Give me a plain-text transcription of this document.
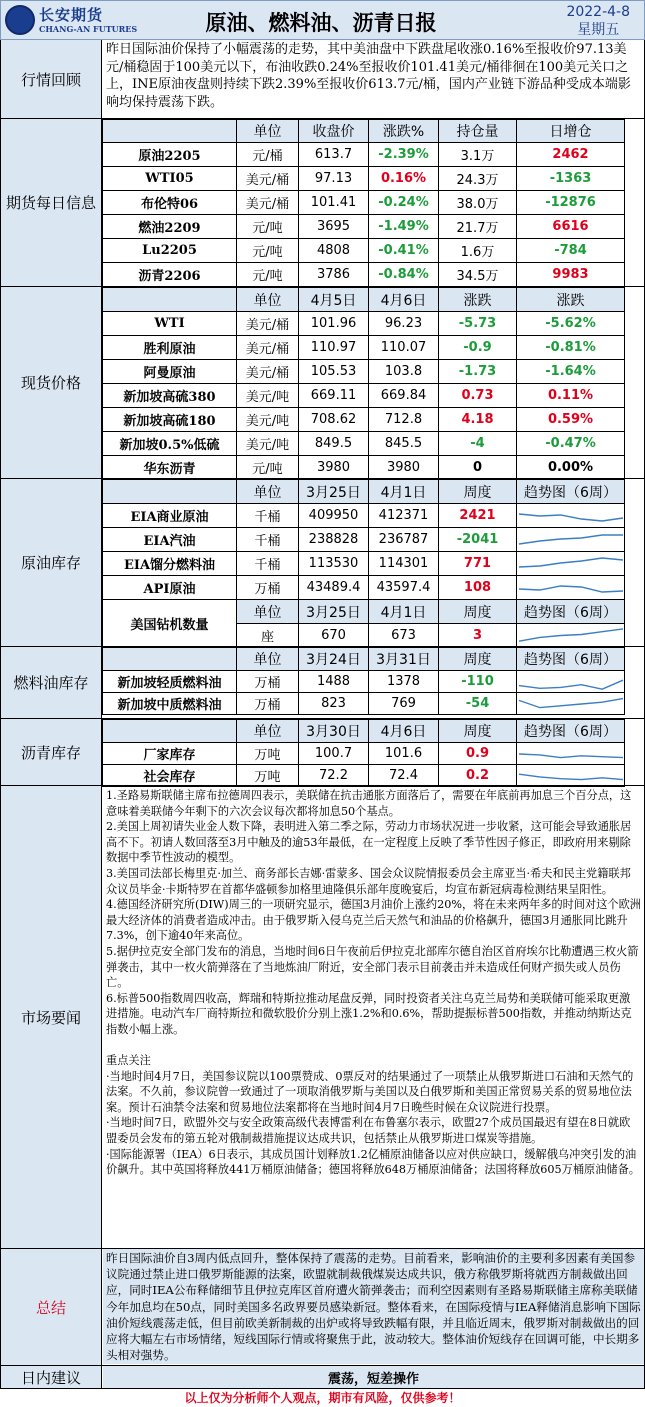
长安期货
CHANG-AN FUTURES	原油、燃料油、沥青日报	2022-4-8
星期五
行情回顾
昨日国际油价保持了小幅震荡的走势，其中美油盘中下跌盘尾收涨0.16%至报收价97.13美元/桶稳固于100美元以下，布油收跌0.24%至报收价101.41美元/桶徘徊在100美元关口之上，INE原油夜盘则持续下跌2.39%至报收价613.7元/桶，国内产业链下游品种受成本端影响均保持震荡下跌。
期货每日信息
	单位	收盘价	涨跌%	持仓量	日增仓
原油2205	元/桶	613.7	-2.39%	3.1万	2462
WTI05	美元/桶	97.13	0.16%	24.3万	-1363
布伦特06	美元/桶	101.41	-0.24%	38.0万	-12876
燃油2209	元/吨	3695	-1.49%	21.7万	6616
Lu2205	元/吨	4808	-0.41%	1.6万	-784
沥青2206	元/吨	3786	-0.84%	34.5万	9983
现货价格
	单位	4月5日	4月6日	涨跌	涨跌
WTI	美元/桶	101.96	96.23	-5.73	-5.62%
胜利原油	美元/桶	110.97	110.07	-0.9	-0.81%
阿曼原油	美元/桶	105.53	103.8	-1.73	-1.64%
新加坡高硫380	美元/吨	669.11	669.84	0.73	0.11%
新加坡高硫180	美元/吨	708.62	712.8	4.18	0.59%
新加坡0.5%低硫	美元/吨	849.5	845.5	-4	-0.47%
华东沥青	元/吨	3980	3980	0	0.00%
原油库存
	单位	3月25日	4月1日	周度	趋势图（6周）
EIA商业原油	千桶	409950	412371	2421	

EIA汽油	千桶	238828	236787	-2041	

EIA馏分燃料油	千桶	113530	114301	771	

API原油	万桶	43489.4	43597.4	108	

美国钻机数量	单位	3月25日	4月1日	周度	趋势图（6周）
	座	670	673	3	
燃料油库存
	单位	3月24日	3月31日	周度	趋势图（6周）
新加坡轻质燃料油	万桶	1488	1378	-110	

新加坡中质燃料油	万桶	823	769	-54	
沥青库存
	单位	3月30日	4月6日	周度	趋势图（6周）
厂家库存	万吨	100.7	101.6	0.9	

社会库存	万吨	72.2	72.4	0.2	
市场要闻

1.圣路易斯联储主席布拉德周四表示，美联储在抗击通胀方面落后了，需要在年底前再加息三个百分点，这意味着美联储今年剩下的六次会议每次都将加息50个基点。

2.美国上周初请失业金人数下降，表明进入第二季之际，劳动力市场状况进一步收紧，这可能会导致通胀居高不下。初请人数回落至3月中触及的逾53年最低，在一定程度上反映了季节性因子修正，即政府用来剔除数据中季节性波动的模型。

3.美国司法部长梅里克·加兰、商务部长吉娜·雷蒙多、国会众议院情报委员会主席亚当·希夫和民主党籍联邦众议员毕金·卡斯特罗在首都华盛顿参加格里迪隆俱乐部年度晚宴后，均宣布新冠病毒检测结果呈阳性。

4.德国经济研究所(DIW)周三的一项研究显示，德国3月油价上涨约20%，将在未来两年多的时间对这个欧洲最大经济体的消费者造成冲击。由于俄罗斯入侵乌克兰后天然气和油品的价格飙升，德国3月通胀同比跳升7.3%，创下逾40年来高位。

5.据伊拉克安全部门发布的消息，当地时间6日午夜前后伊拉克北部库尔德自治区首府埃尔比勒遭遇三枚火箭弹袭击，其中一枚火箭弹落在了当地炼油厂附近，安全部门表示目前袭击并未造成任何财产损失或人员伤亡。

6.标普500指数周四收高，辉瑞和特斯拉推动尾盘反弹，同时投资者关注乌克兰局势和美联储可能采取更激进措施。电动汽车厂商特斯拉和微软股价分别上涨1.2%和0.6%，帮助提振标普500指数，并推动纳斯达克指数小幅上涨。

重点关注

·当地时间4月7日，美国参议院以100票赞成、0票反对的结果通过了一项禁止从俄罗斯进口石油和天然气的法案。不久前，参议院曾一致通过了一项取消俄罗斯与美国以及白俄罗斯和美国正常贸易关系的贸易地位法案。预计石油禁令法案和贸易地位法案都将在当地时间4月7日晚些时候在众议院进行投票。

·当地时间7日，欧盟外交与安全政策高级代表博雷利在布鲁塞尔表示，欧盟27个成员国最迟有望在8日就欧盟委员会发布的第五轮对俄制裁措施提议达成共识，包括禁止从俄罗斯进口煤炭等措施。

·国际能源署（IEA）6日表示，其成员国计划释放1.2亿桶原油储备以应对供应缺口，缓解俄乌冲突引发的油价飙升。其中英国将释放441万桶原油储备；德国将释放648万桶原油储备；法国将释放605万桶原油储备。

总结
昨日国际油价自3周内低点回升，整体保持了震荡的走势。目前看来，影响油价的主要利多因素有美国参议院通过禁止进口俄罗斯能源的法案，欧盟就制裁俄煤炭达成共识，俄方称俄罗斯将就西方制裁做出回应，同时IEA公布释储细节且伊拉克库区首府遭火箭弹袭击；而利空因素则有圣路易斯联储主席称美联储今年加息均在50点，同时美国多名政界要员感染新冠。整体看来，在国际疫情与IEA释储消息影响下国际油价短线震荡走低，但目前欧美新制裁的出炉或将导致跌幅有限，并且临近周末，俄罗斯对制裁做出的回应将大幅左右市场情绪，短线国际行情或将聚焦于此，波动较大。整体油价短线存在回调可能，中长期多头相对强势。
日内建议	震荡，短差操作
以上仅为分析师个人观点，期市有风险，仅供参考！
